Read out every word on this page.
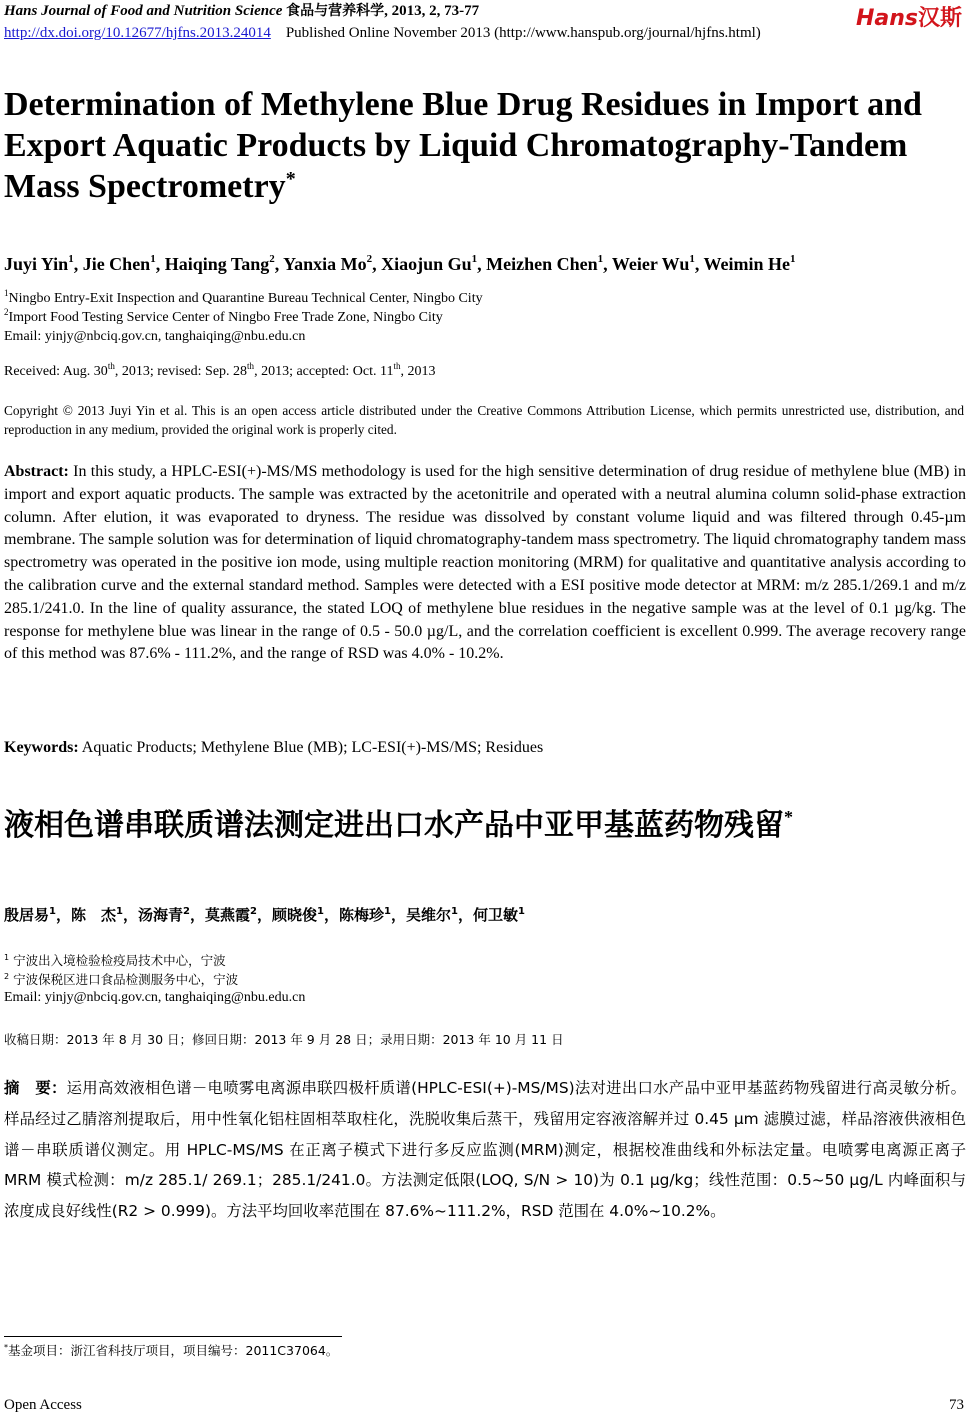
Hans Journal of Food and Nutrition Science 食品与营养科学, 2013, 2, 73-77	Hans汉斯
http://dx.doi.org/10.12677/hjfns.2013.24014 Published Online November 2013 (http://www.hanspub.org/journal/hjfns.html)
Determination of Methylene Blue Drug Residues in Import and Export Aquatic Products by Liquid Chromatography-Tandem Mass Spectrometry*
Juyi Yin$^1$, Jie Chen$^1$, Haiqing Tang$^2$, Yanxia Mo$^2$, Xiaojun Gu$^1$, Meizhen Chen$^1$, Weier Wu$^1$, Weimin He$^1$
$^1$Ningbo Entry-Exit Inspection and Quarantine Bureau Technical Center, Ningbo City
$^2$Import Food Testing Service Center of Ningbo Free Trade Zone, Ningbo City
Email: yinjy@nbciq.gov.cn, tanghaiqing@nbu.edu.cn
Received: Aug. 30th, 2013; revised: Sep. 28th, 2013; accepted: Oct. 11th, 2013

Copyright © 2013 Juyi Yin et al. This is an open access article distributed under the Creative Commons Attribution License, which permits unrestricted use, distribution, and reproduction in any medium, provided the original work is properly cited.

Abstract: In this study, a HPLC-ESI(+)-MS/MS methodology is used for the high sensitive determination of drug residue of methylene blue (MB) in import and export aquatic products. The sample was extracted by the acetonitrile and operated with a neutral alumina column solid-phase extraction column. After elution, it was evaporated to dryness. The residue was dissolved by constant volume liquid and was filtered through 0.45-µm membrane. The sample solution was for determination of liquid chromatography-tandem mass spectrometry. The liquid chromatography tandem mass spectrometry was operated in the positive ion mode, using multiple reaction monitoring (MRM) for qualitative and quantitative analysis according to the calibration curve and the external standard method. Samples were detected with a ESI positive mode detector at MRM: m/z 285.1/269.1 and m/z 285.1/241.0. In the line of quality assurance, the stated LOQ of methylene blue residues in the negative sample was at the level of 0.1 µg/kg. The response for methylene blue was linear in the range of 0.5 - 50.0 µg/L, and the correlation coefficient is excellent 0.999. The average recovery range of this method was 87.6% - 111.2%, and the range of RSD was 4.0% - 10.2%.

Keywords: Aquatic Products; Methylene Blue (MB); LC-ESI(+)-MS/MS; Residues
液相色谱串联质谱法测定进出口水产品中亚甲基蓝药物残留*
殷居易$^1$，陈　杰$^1$，汤海青$^2$，莫燕霞$^2$，顾晓俊$^1$，陈梅珍$^1$，吴维尔$^1$，何卫敏$^1$
$^1$ 宁波出入境检验检疫局技术中心，宁波
$^2$ 宁波保税区进口食品检测服务中心，宁波
Email: yinjy@nbciq.gov.cn, tanghaiqing@nbu.edu.cn
收稿日期：2013 年 8 月 30 日；修回日期：2013 年 9 月 28 日；录用日期：2013 年 10 月 11 日

摘　要：运用高效液相色谱－电喷雾电离源串联四极杆质谱(HPLC-ESI(+)-MS/MS)法对进出口水产品中亚甲基蓝药物残留进行高灵敏分析。样品经过乙腈溶剂提取后，用中性氧化铝柱固相萃取柱化，洗脱收集后蒸干，残留用定容液溶解并过 0.45 µm 滤膜过滤，样品溶液供液相色谱－串联质谱仪测定。用 HPLC-MS/MS 在正离子模式下进行多反应监测(MRM)测定，根据校准曲线和外标法定量。电喷雾电离源正离子 MRM 模式检测：m/z 285.1/ 269.1；285.1/241.0。方法测定低限(LOQ, S/N > 10)为 0.1 µg/kg；线性范围：0.5~50 µg/L 内峰面积与浓度成良好线性(R2 > 0.999)。方法平均回收率范围在 87.6%~111.2%，RSD 范围在 4.0%~10.2%。

*基金项目：浙江省科技厅项目，项目编号：2011C37064。
Open Access	73
